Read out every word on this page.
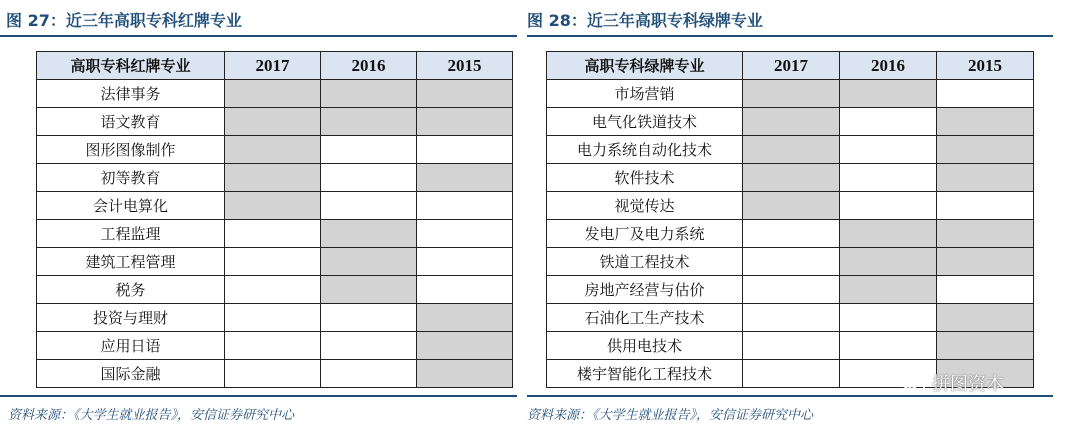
图 27：近三年高职专科红牌专业
高职专科红牌专业	2017	2016	2015
法律事务			
语文教育			
图形图像制作			
初等教育			
会计电算化			
工程监理			
建筑工程管理			
税务			
投资与理财			
应用日语			
国际金融			
资料来源：《大学生就业报告》，安信证券研究中心
图 28：近三年高职专科绿牌专业
高职专科绿牌专业	2017	2016	2015
市场营销			
电气化铁道技术			
电力系统自动化技术			
软件技术			
视觉传达			
发电厂及电力系统			
铁道工程技术			
房地产经营与估价			
石油化工生产技术			
供用电技术			
楼宇智能化工程技术			
资料来源：《大学生就业报告》，安信证券研究中心
拼图资本
